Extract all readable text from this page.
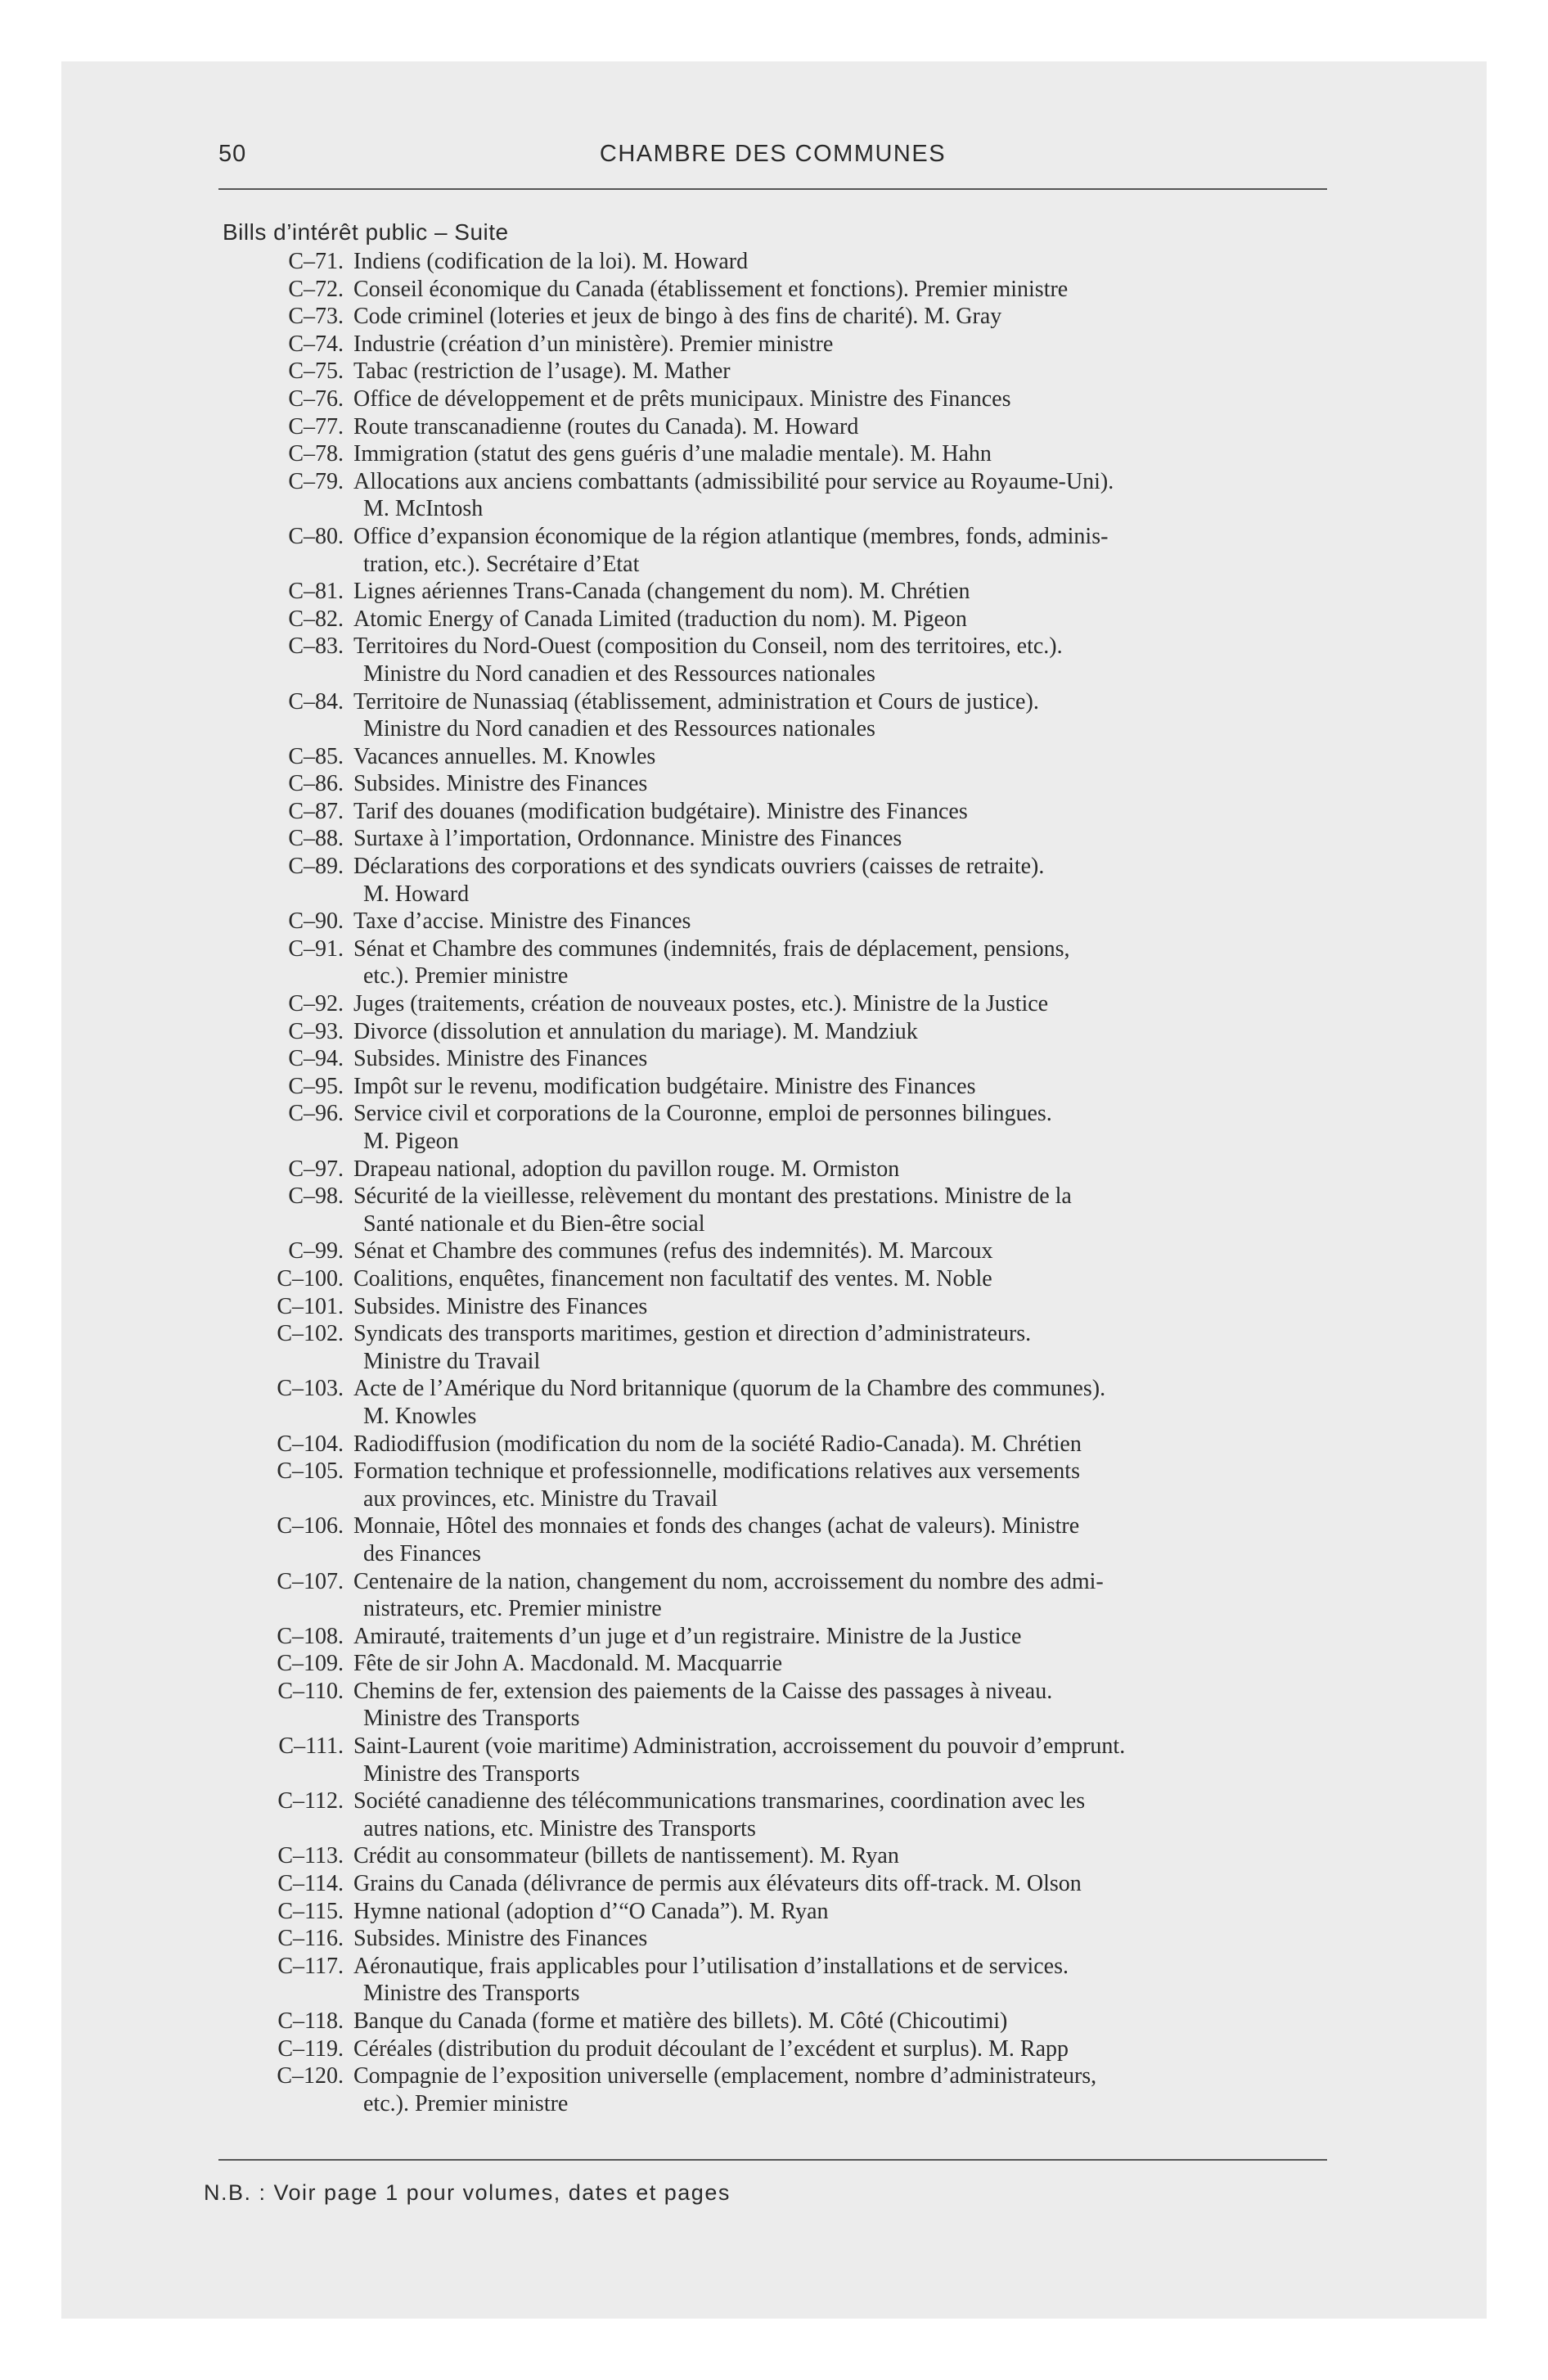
50	CHAMBRE DES COMMUNES
Bills d’intérêt public – Suite
C–71. Indiens (codification de la loi). M. Howard
C–72. Conseil économique du Canada (établissement et fonctions). Premier ministre
C–73. Code criminel (loteries et jeux de bingo à des fins de charité). M. Gray
C–74. Industrie (création d’un ministère). Premier ministre
C–75. Tabac (restriction de l’usage). M. Mather
C–76. Office de développement et de prêts municipaux. Ministre des Finances
C–77. Route transcanadienne (routes du Canada). M. Howard
C–78. Immigration (statut des gens guéris d’une maladie mentale). M. Hahn
C–79. Allocations aux anciens combattants (admissibilité pour service au Royaume-Uni).
M. McIntosh
C–80. Office d’expansion économique de la région atlantique (membres, fonds, adminis-
tration, etc.). Secrétaire d’Etat
C–81. Lignes aériennes Trans-Canada (changement du nom). M. Chrétien
C–82. Atomic Energy of Canada Limited (traduction du nom). M. Pigeon
C–83. Territoires du Nord-Ouest (composition du Conseil, nom des territoires, etc.).
Ministre du Nord canadien et des Ressources nationales
C–84. Territoire de Nunassiaq (établissement, administration et Cours de justice).
Ministre du Nord canadien et des Ressources nationales
C–85. Vacances annuelles. M. Knowles
C–86. Subsides. Ministre des Finances
C–87. Tarif des douanes (modification budgétaire). Ministre des Finances
C–88. Surtaxe à l’importation, Ordonnance. Ministre des Finances
C–89. Déclarations des corporations et des syndicats ouvriers (caisses de retraite).
M. Howard
C–90. Taxe d’accise. Ministre des Finances
C–91. Sénat et Chambre des communes (indemnités, frais de déplacement, pensions,
etc.). Premier ministre
C–92. Juges (traitements, création de nouveaux postes, etc.). Ministre de la Justice
C–93. Divorce (dissolution et annulation du mariage). M. Mandziuk
C–94. Subsides. Ministre des Finances
C–95. Impôt sur le revenu, modification budgétaire. Ministre des Finances
C–96. Service civil et corporations de la Couronne, emploi de personnes bilingues.
M. Pigeon
C–97. Drapeau national, adoption du pavillon rouge. M. Ormiston
C–98. Sécurité de la vieillesse, relèvement du montant des prestations. Ministre de la
Santé nationale et du Bien-être social
C–99. Sénat et Chambre des communes (refus des indemnités). M. Marcoux
C–100. Coalitions, enquêtes, financement non facultatif des ventes. M. Noble
C–101. Subsides. Ministre des Finances
C–102. Syndicats des transports maritimes, gestion et direction d’administrateurs.
Ministre du Travail
C–103. Acte de l’Amérique du Nord britannique (quorum de la Chambre des communes).
M. Knowles
C–104. Radiodiffusion (modification du nom de la société Radio-Canada). M. Chrétien
C–105. Formation technique et professionnelle, modifications relatives aux versements
aux provinces, etc. Ministre du Travail
C–106. Monnaie, Hôtel des monnaies et fonds des changes (achat de valeurs). Ministre
des Finances
C–107. Centenaire de la nation, changement du nom, accroissement du nombre des admi-
nistrateurs, etc. Premier ministre
C–108. Amirauté, traitements d’un juge et d’un registraire. Ministre de la Justice
C–109. Fête de sir John A. Macdonald. M. Macquarrie
C–110. Chemins de fer, extension des paiements de la Caisse des passages à niveau.
Ministre des Transports
C–111. Saint-Laurent (voie maritime) Administration, accroissement du pouvoir d’emprunt.
Ministre des Transports
C–112. Société canadienne des télécommunications transmarines, coordination avec les
autres nations, etc. Ministre des Transports
C–113. Crédit au consommateur (billets de nantissement). M. Ryan
C–114. Grains du Canada (délivrance de permis aux élévateurs dits off-track. M. Olson
C–115. Hymne national (adoption d’“O Canada”). M. Ryan
C–116. Subsides. Ministre des Finances
C–117. Aéronautique, frais applicables pour l’utilisation d’installations et de services.
Ministre des Transports
C–118. Banque du Canada (forme et matière des billets). M. Côté (Chicoutimi)
C–119. Céréales (distribution du produit découlant de l’excédent et surplus). M. Rapp
C–120. Compagnie de l’exposition universelle (emplacement, nombre d’administrateurs,
etc.). Premier ministre
N.B. : Voir page 1 pour volumes, dates et pages
